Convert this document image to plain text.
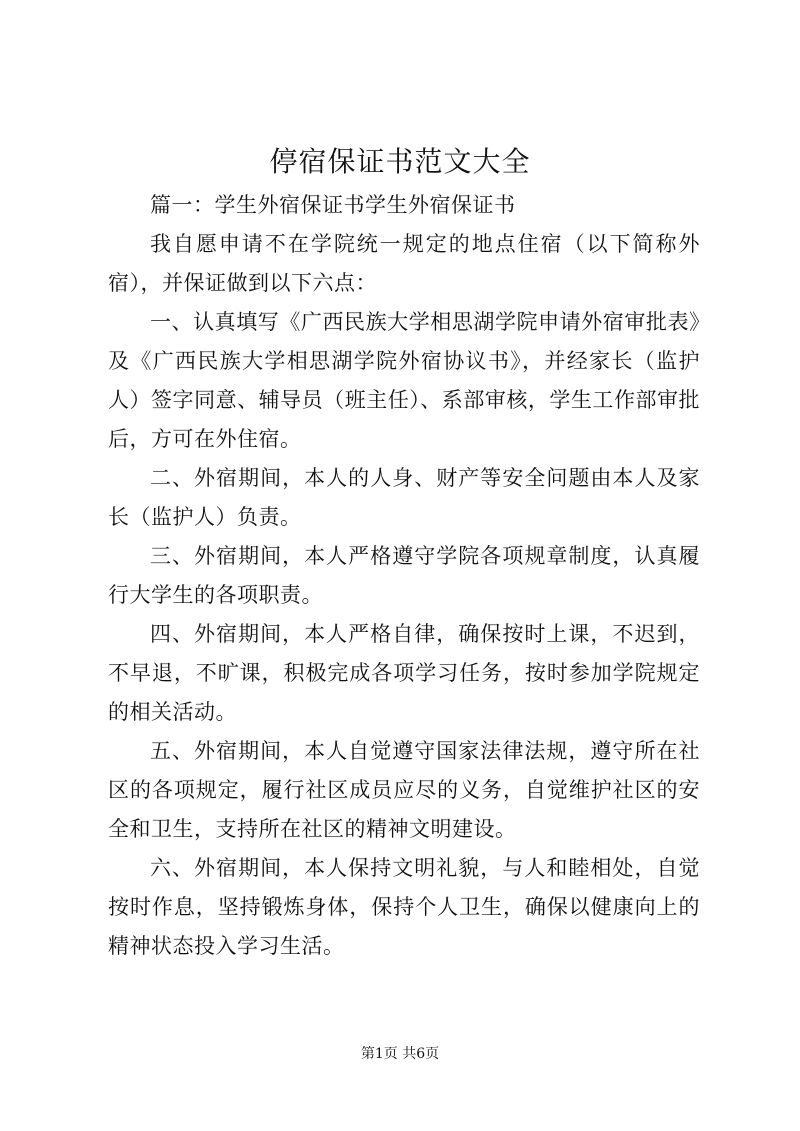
停宿保证书范文大全

篇一：学生外宿保证书学生外宿保证书

我自愿申请不在学院统一规定的地点住宿（以下简称外宿），并保证做到以下六点：

一、认真填写《广西民族大学相思湖学院申请外宿审批表》及《广西民族大学相思湖学院外宿协议书》，并经家长（监护人）签字同意、辅导员（班主任）、系部审核，学生工作部审批后，方可在外住宿。

二、外宿期间，本人的人身、财产等安全问题由本人及家长（监护人）负责。

三、外宿期间，本人严格遵守学院各项规章制度，认真履行大学生的各项职责。

四、外宿期间，本人严格自律，确保按时上课，不迟到，不早退，不旷课，积极完成各项学习任务，按时参加学院规定的相关活动。

五、外宿期间，本人自觉遵守国家法律法规，遵守所在社区的各项规定，履行社区成员应尽的义务，自觉维护社区的安全和卫生，支持所在社区的精神文明建设。

六、外宿期间，本人保持文明礼貌，与人和睦相处，自觉按时作息，坚持锻炼身体，保持个人卫生，确保以健康向上的精神状态投入学习生活。

第1页 共6页
